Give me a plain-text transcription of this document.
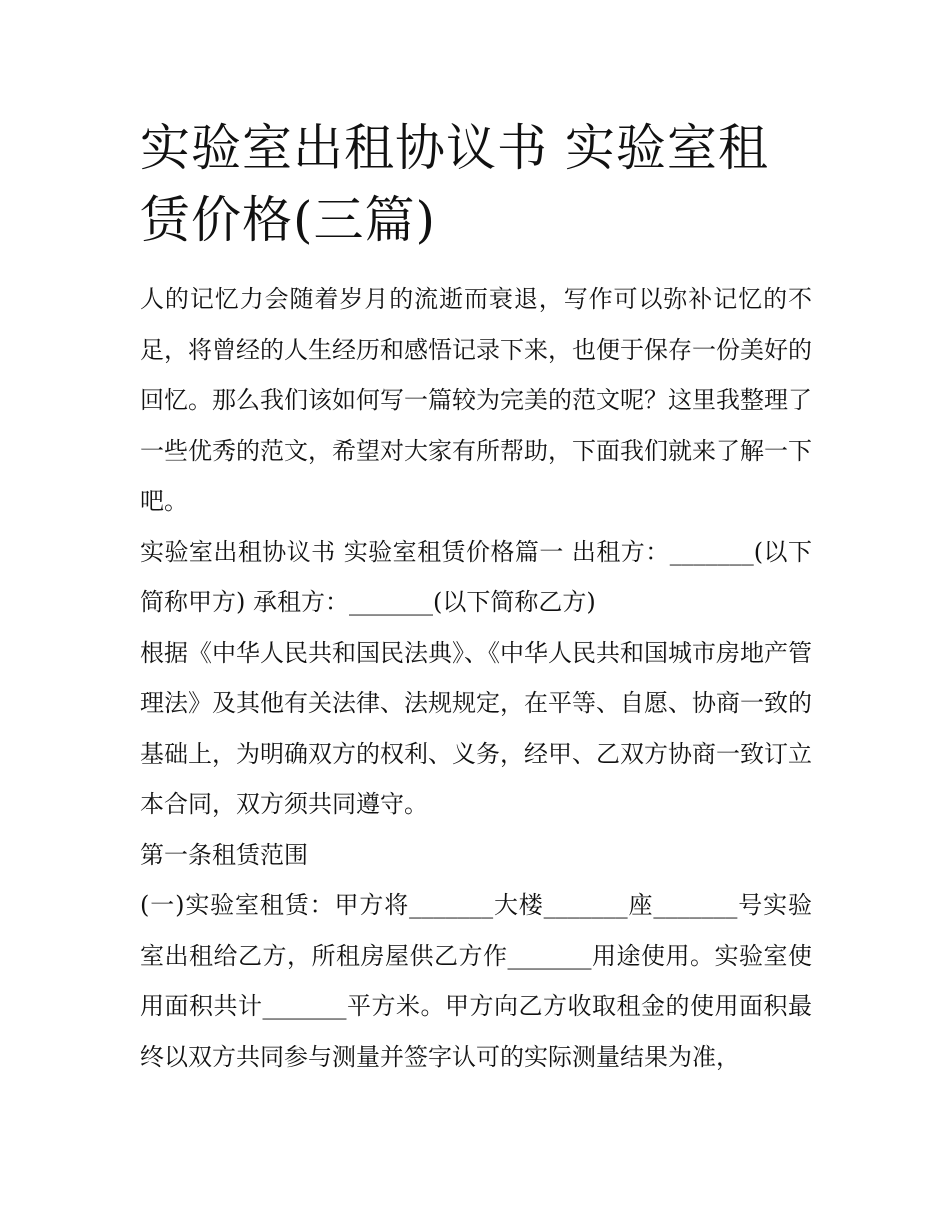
实验室出租协议书 实验室租赁价格(三篇)

人的记忆力会随着岁月的流逝而衰退，写作可以弥补记忆的不足，将曾经的人生经历和感悟记录下来，也便于保存一份美好的回忆。那么我们该如何写一篇较为完美的范文呢？这里我整理了一些优秀的范文，希望对大家有所帮助，下面我们就来了解一下吧。

实验室出租协议书 实验室租赁价格篇一 出租方：_______(以下简称甲方) 承租方：_______(以下简称乙方)

根据《中华人民共和国民法典》、《中华人民共和国城市房地产管理法》及其他有关法律、法规规定，在平等、自愿、协商一致的基础上，为明确双方的权利、义务，经甲、乙双方协商一致订立本合同，双方须共同遵守。

第一条租赁范围

(一)实验室租赁：甲方将_______大楼_______座_______号实验室出租给乙方，所租房屋供乙方作_______用途使用。实验室使用面积共计_______平方米。甲方向乙方收取租金的使用面积最终以双方共同参与测量并签字认可的实际测量结果为准，
